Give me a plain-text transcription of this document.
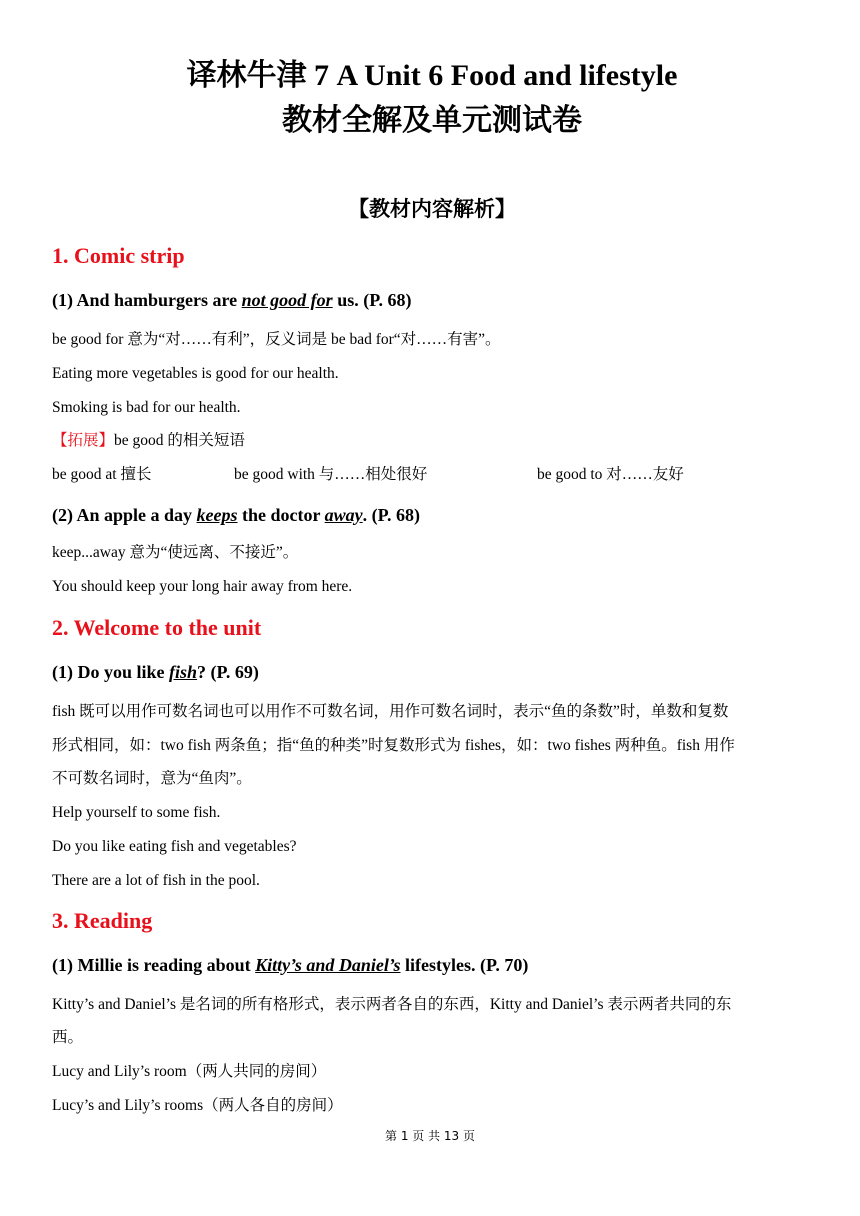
译林牛津 7 A Unit 6 Food and lifestyle
教材全解及单元测试卷
【教材内容解析】
1. Comic strip
(1) And hamburgers are not good for us. (P. 68)
be good for 意为“对……有利”，反义词是 be bad for“对……有害”。
Eating more vegetables is good for our health.
Smoking is bad for our health.
【拓展】be good 的相关短语
be good at 擅长	be good with 与……相处很好	be good to 对……友好
(2) An apple a day keeps the doctor away. (P. 68)
keep...away 意为“使远离、不接近”。
You should keep your long hair away from here.
2. Welcome to the unit
(1) Do you like fish? (P. 69)
fish 既可以用作可数名词也可以用作不可数名词，用作可数名词时，表示“鱼的条数”时，单数和复数
形式相同，如：two fish 两条鱼；指“鱼的种类”时复数形式为 fishes，如：two fishes 两种鱼。fish 用作
不可数名词时，意为“鱼肉”。
Help yourself to some fish.
Do you like eating fish and vegetables?
There are a lot of fish in the pool.
3. Reading
(1) Millie is reading about Kitty’s and Daniel’s lifestyles. (P. 70)
Kitty’s and Daniel’s 是名词的所有格形式，表示两者各自的东西，Kitty and Daniel’s 表示两者共同的东
西。
Lucy and Lily’s room（两人共同的房间）
Lucy’s and Lily’s rooms（两人各自的房间）
第 1 页 共 13 页
